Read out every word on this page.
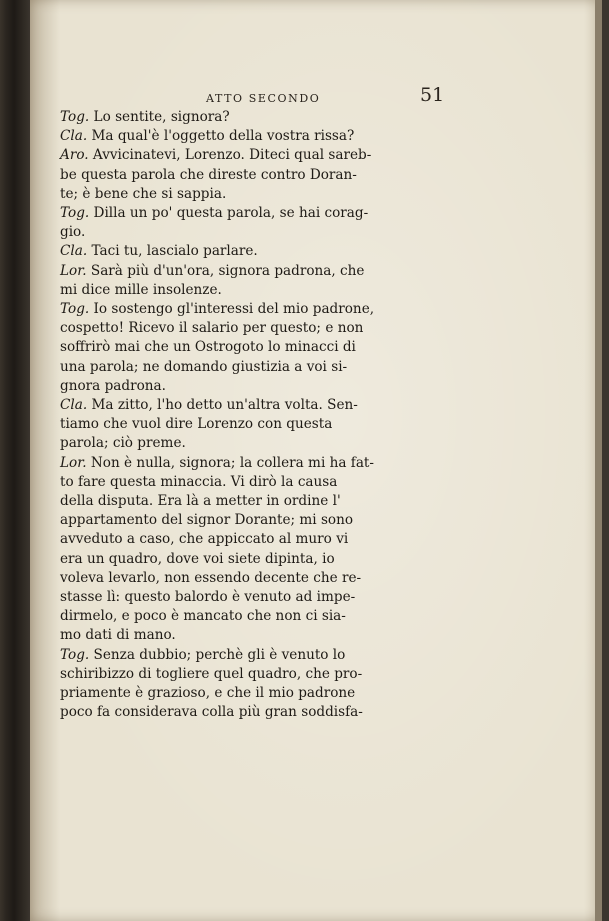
ATTO SECONDO	51

Tog. Lo sentite, signora?

Cla. Ma qual'è l'oggetto della vostra rissa?

Aro. Avvicinatevi, Lorenzo. Diteci qual sareb-
be questa parola che direste contro Doran-
te; è bene che si sappia.

Tog. Dilla un po' questa parola, se hai corag-
gio.

Cla. Taci tu, lascialo parlare.

Lor. Sarà più d'un'ora, signora padrona, che
mi dice mille insolenze.

Tog. Io sostengo gl'interessi del mio padrone,
cospetto! Ricevo il salario per questo; e non
soffrirò mai che un Ostrogoto lo minacci di
una parola; ne domando giustizia a voi si-
gnora padrona.

Cla. Ma zitto, l'ho detto un'altra volta. Sen-
tiamo che vuol dire Lorenzo con questa
parola; ciò preme.

Lor. Non è nulla, signora; la collera mi ha fat-
to fare questa minaccia. Vi dirò la causa
della disputa. Era là a metter in ordine l'
appartamento del signor Dorante; mi sono
avveduto a caso, che appiccato al muro vi
era un quadro, dove voi siete dipinta, io
voleva levarlo, non essendo decente che re-
stasse lì: questo balordo è venuto ad impe-
dirmelo, e poco è mancato che non ci sia-
mo dati di mano.

Tog. Senza dubbio; perchè gli è venuto lo
schiribizzo di togliere quel quadro, che pro-
priamente è grazioso, e che il mio padrone
poco fa considerava colla più gran soddisfa-
